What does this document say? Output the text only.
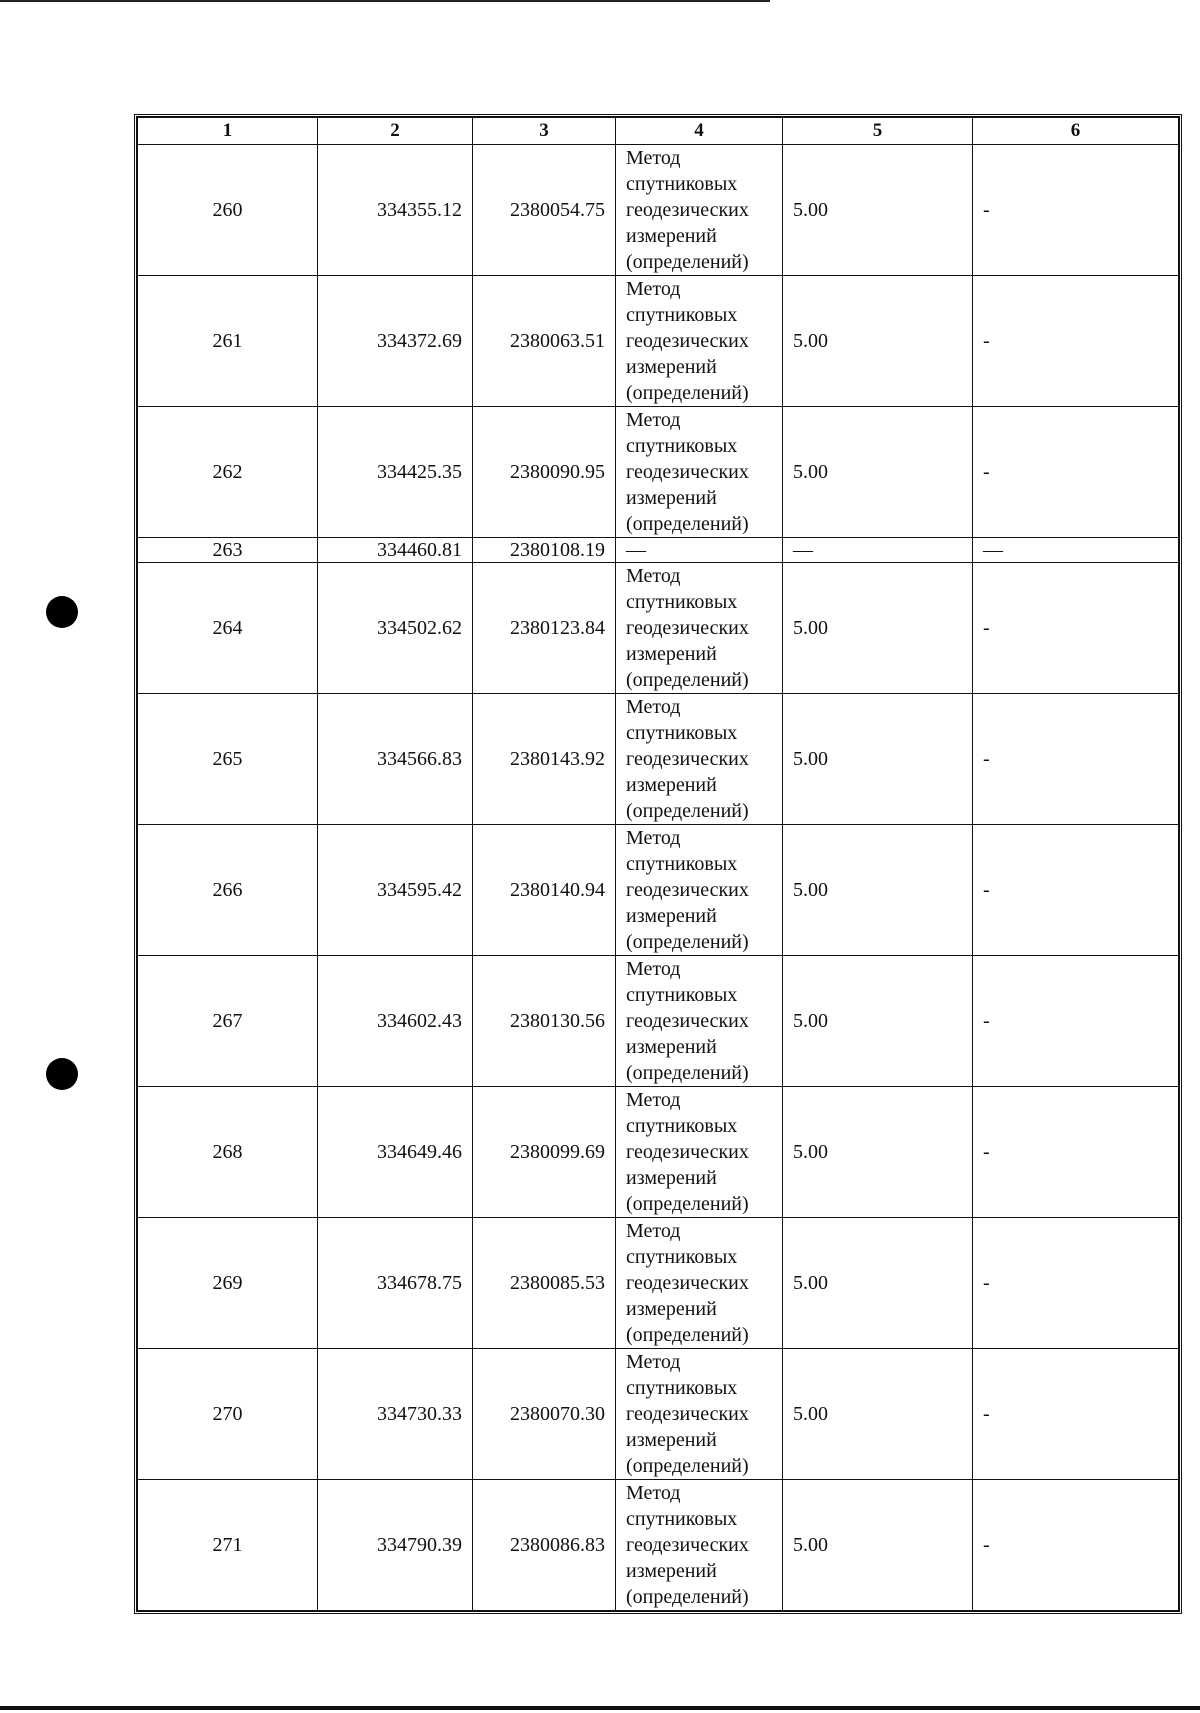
1	2	3	4	5	6
260	334355.12	2380054.75	Метод спутниковых геодезических измерений (определений)	5.00	-
261	334372.69	2380063.51	Метод спутниковых геодезических измерений (определений)	5.00	-
262	334425.35	2380090.95	Метод спутниковых геодезических измерений (определений)	5.00	-
263	334460.81	2380108.19	—	—	—
264	334502.62	2380123.84	Метод спутниковых геодезических измерений (определений)	5.00	-
265	334566.83	2380143.92	Метод спутниковых геодезических измерений (определений)	5.00	-
266	334595.42	2380140.94	Метод спутниковых геодезических измерений (определений)	5.00	-
267	334602.43	2380130.56	Метод спутниковых геодезических измерений (определений)	5.00	-
268	334649.46	2380099.69	Метод спутниковых геодезических измерений (определений)	5.00	-
269	334678.75	2380085.53	Метод спутниковых геодезических измерений (определений)	5.00	-
270	334730.33	2380070.30	Метод спутниковых геодезических измерений (определений)	5.00	-
271	334790.39	2380086.83	Метод спутниковых геодезических измерений (определений)	5.00	-
